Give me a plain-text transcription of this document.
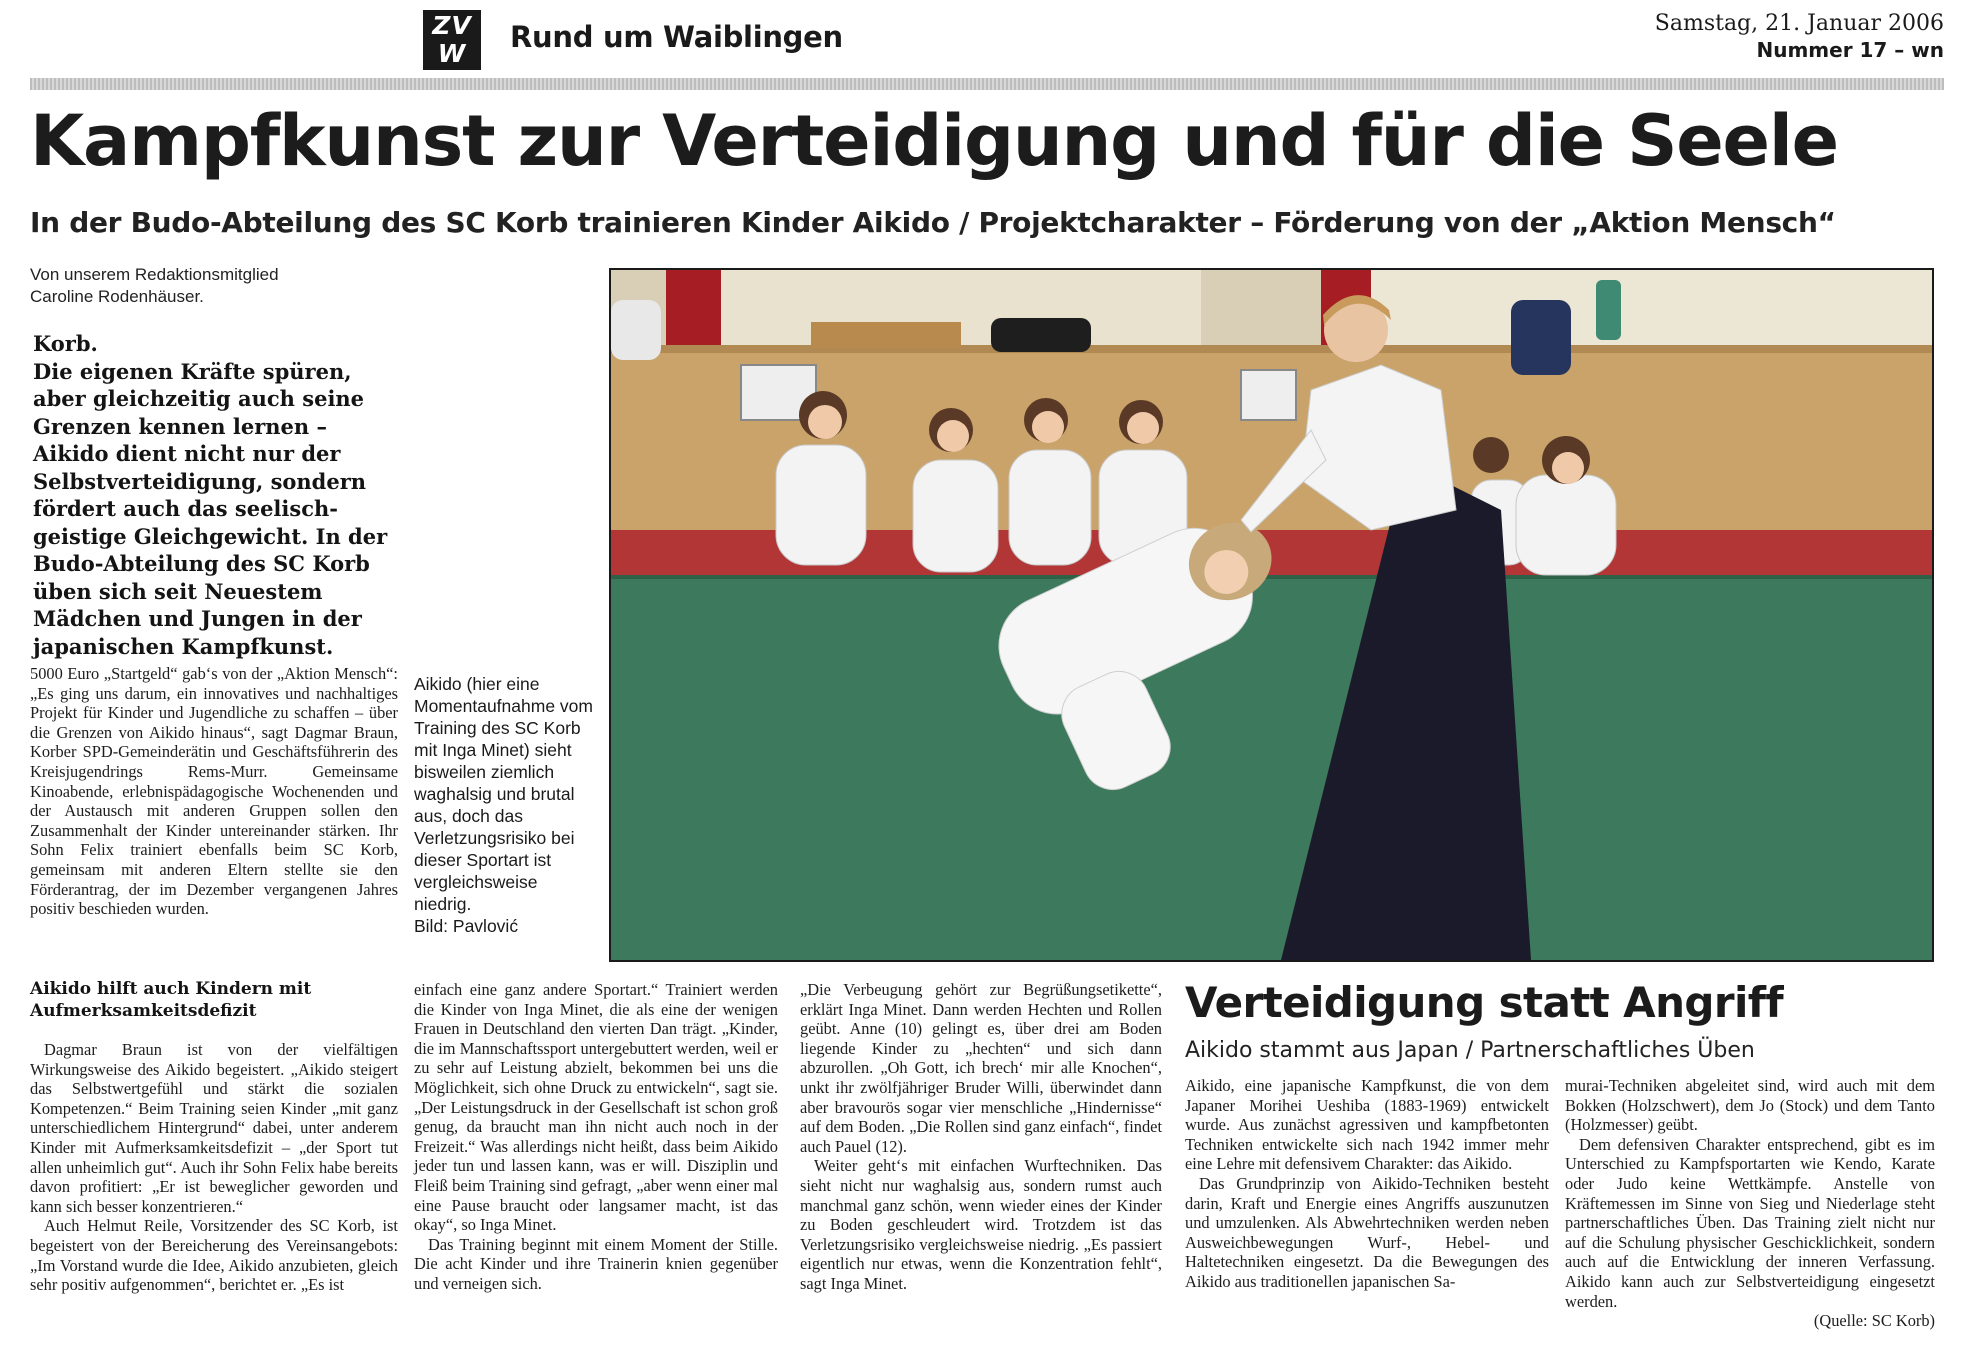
ZV
W	Rund um Waiblingen	Samstag, 21. Januar 2006
Nummer 17 – wn
Kampfkunst zur Verteidigung und für die Seele
In der Budo-Abteilung des SC Korb trainieren Kinder Aikido / Projektcharakter – Förderung von der „Aktion Mensch“
Von unserem Redaktionsmitglied
Caroline Rodenhäuser.
Korb.
Die eigenen Kräfte spüren, aber gleichzeitig auch seine Grenzen kennen lernen – Aikido dient nicht nur der Selbstverteidigung, sondern fördert auch das seelisch-geistige Gleichgewicht. In der Budo-Abteilung des SC Korb üben sich seit Neuestem Mädchen und Jungen in der japanischen Kampfkunst.
Aikido (hier eine Momentaufnahme vom Training des SC Korb mit Inga Minet) sieht bisweilen ziemlich waghalsig und brutal aus, doch das Verletzungsrisiko bei dieser Sportart ist vergleichsweise niedrig.
Bild: Pavlović

5000 Euro „Startgeld“ gab‘s von der „Aktion Mensch“: „Es ging uns darum, ein innovatives und nachhaltiges Projekt für Kinder und Jugendliche zu schaffen – über die Grenzen von Aikido hinaus“, sagt Dagmar Braun, Korber SPD-Gemeinderätin und Geschäftsführerin des Kreisjugendrings Rems-Murr. Gemeinsame Kinoabende, erlebnispädagogische Wochenenden und der Austausch mit anderen Gruppen sollen den Zusammenhalt der Kinder untereinander stärken. Ihr Sohn Felix trainiert ebenfalls beim SC Korb, gemeinsam mit anderen Eltern stellte sie den Förderantrag, der im Dezember vergangenen Jahres positiv beschieden wurden.

Aikido hilft auch Kindern mit Aufmerksamkeitsdefizit

Dagmar Braun ist von der vielfältigen Wirkungsweise des Aikido begeistert. „Aikido steigert das Selbstwertgefühl und stärkt die sozialen Kompetenzen.“ Beim Training seien Kinder „mit ganz unterschiedlichem Hintergrund“ dabei, unter anderem Kinder mit Aufmerksamkeitsdefizit – „der Sport tut allen unheimlich gut“. Auch ihr Sohn Felix habe bereits davon profitiert: „Er ist beweglicher geworden und kann sich besser konzentrieren.“

Auch Helmut Reile, Vorsitzender des SC Korb, ist begeistert von der Bereicherung des Vereinsangebots: „Im Vorstand wurde die Idee, Aikido anzubieten, gleich sehr positiv aufgenommen“, berichtet er. „Es ist

einfach eine ganz andere Sportart.“ Trainiert werden die Kinder von Inga Minet, die als eine der wenigen Frauen in Deutschland den vierten Dan trägt. „Kinder, die im Mannschaftssport untergebuttert werden, weil er zu sehr auf Leistung abzielt, bekommen bei uns die Möglichkeit, sich ohne Druck zu entwickeln“, sagt sie. „Der Leistungsdruck in der Gesellschaft ist schon groß genug, da braucht man ihn nicht auch noch in der Freizeit.“ Was allerdings nicht heißt, dass beim Aikido jeder tun und lassen kann, was er will. Disziplin und Fleiß beim Training sind gefragt, „aber wenn einer mal eine Pause braucht oder langsamer macht, ist das okay“, so Inga Minet.

Das Training beginnt mit einem Moment der Stille. Die acht Kinder und ihre Trainerin knien gegenüber und verneigen sich.

„Die Verbeugung gehört zur Begrüßungsetikette“, erklärt Inga Minet. Dann werden Hechten und Rollen geübt. Anne (10) gelingt es, über drei am Boden liegende Kinder zu „hechten“ und sich dann abzurollen. „Oh Gott, ich brech‘ mir alle Knochen“, unkt ihr zwölfjähriger Bruder Willi, überwindet dann aber bravourös sogar vier menschliche „Hindernisse“ auf dem Boden. „Die Rollen sind ganz einfach“, findet auch Pauel (12).

Weiter geht‘s mit einfachen Wurftechniken. Das sieht nicht nur waghalsig aus, sondern rumst auch manchmal ganz schön, wenn wieder eines der Kinder zu Boden geschleudert wird. Trotzdem ist das Verletzungsrisiko vergleichsweise niedrig. „Es passiert eigentlich nur etwas, wenn die Konzentration fehlt“, sagt Inga Minet.

Verteidigung statt Angriff
Aikido stammt aus Japan / Partnerschaftliches Üben

Aikido, eine japanische Kampfkunst, die von dem Japaner Morihei Ueshiba (1883-1969) entwickelt wurde. Aus zunächst agressiven und kampfbetonten Techniken entwickelte sich nach 1942 immer mehr eine Lehre mit defensivem Charakter: das Aikido.

Das Grundprinzip von Aikido-Techniken besteht darin, Kraft und Energie eines Angriffs auszunutzen und umzulenken. Als Abwehrtechniken werden neben Ausweichbewegungen Wurf-, Hebel- und Haltetechniken eingesetzt. Da die Bewegungen des Aikido aus traditionellen japanischen Sa-

murai-Techniken abgeleitet sind, wird auch mit dem Bokken (Holzschwert), dem Jo (Stock) und dem Tanto (Holzmesser) geübt.

Dem defensiven Charakter entsprechend, gibt es im Unterschied zu Kampfsportarten wie Kendo, Karate oder Judo keine Wettkämpfe. Anstelle von Kräftemessen im Sinne von Sieg und Niederlage steht partnerschaftliches Üben. Das Training zielt nicht nur auf die Schulung physischer Geschicklichkeit, sondern auch auf die Entwicklung der inneren Verfassung. Aikido kann auch zur Selbstverteidigung eingesetzt werden.

(Quelle: SC Korb)
